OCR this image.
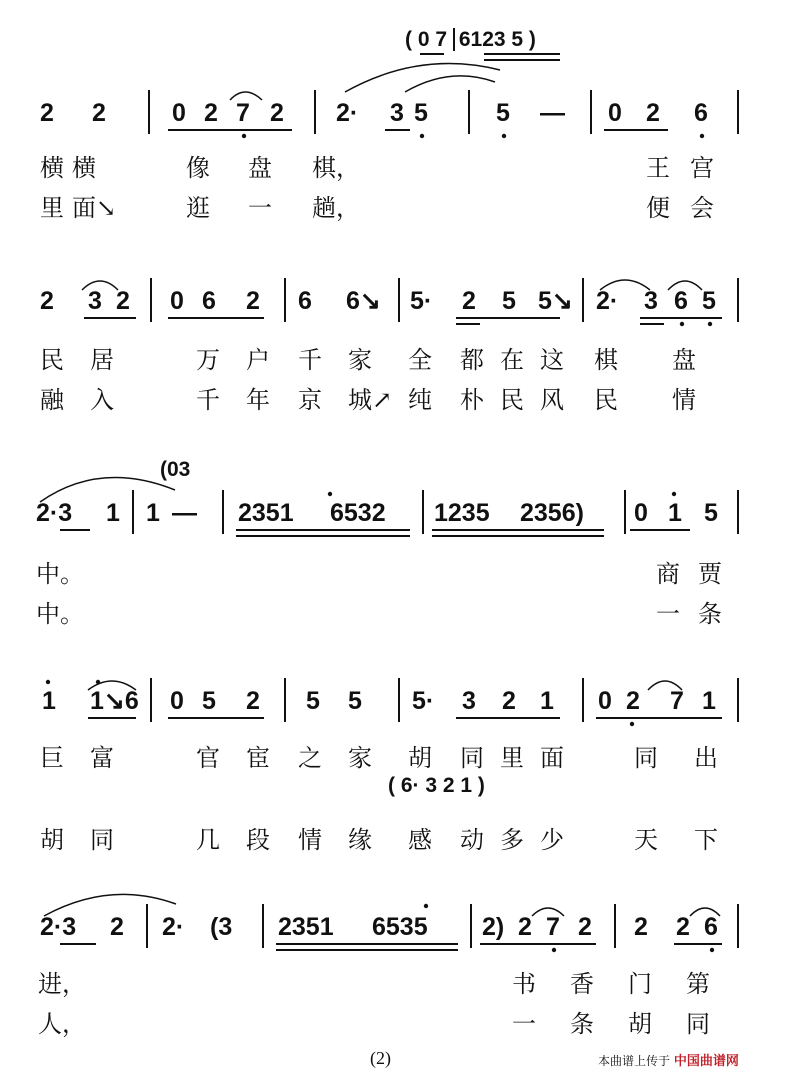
( 0 7 6123 5 )
2 2	0 2 7 2 2· 3 5	5 — 0 2 6
横 横	像 盘 棋，	王 宫
里 面↘	逛 一 趟，	便 会
2 3 2 0 6 2 6 6↘ 5· 2 5 5↘ 2· 3 6 5
民 居	万 户 千 家 全 都 在 这 棋 盘
融 入	千 年 京 城↗ 纯 朴 民 风 民 情
(03
2·3 1 1 — 2351 6532 1235 2356) 0 1 5
中。	商 贾
中。	一 条
1 1↘6 0 5 2 5 5 5· 3 2 1 0 2 7 1
巨 富	官 宦 之 家 胡 同 里 面	同 出
( 6· 3 2 1 )
胡 同	几 段 情 缘 感 动 多 少	天 下
2·3 2 2· (3 2351 6535 2) 2 7 2 2 2 6
进，	书 香 门 第
人，	一 条 胡 同
(2)	本曲谱上传于 中国曲谱网
